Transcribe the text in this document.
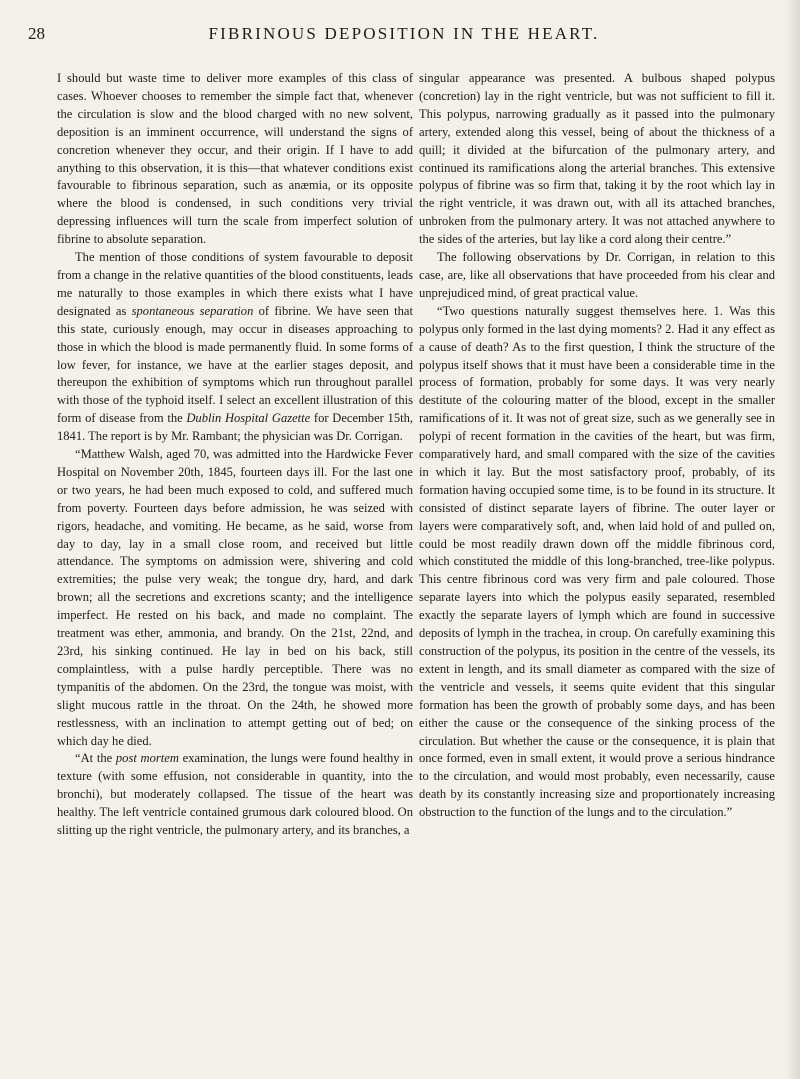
28	FIBRINOUS DEPOSITION IN THE HEART.

I should but waste time to deliver more examples of this class of cases. Whoever chooses to remember the simple fact that, whenever the circulation is slow and the blood charged with no new solvent, deposition is an imminent occurrence, will understand the signs of concretion whenever they occur, and their origin. If I have to add anything to this observation, it is this—that whatever conditions exist favourable to fibrinous separation, such as anæmia, or its opposite where the blood is condensed, in such conditions very trivial depressing influences will turn the scale from imperfect solution of fibrine to absolute separation.

The mention of those conditions of system favourable to deposit from a change in the relative quantities of the blood constituents, leads me naturally to those examples in which there exists what I have designated as spontaneous separation of fibrine. We have seen that this state, curiously enough, may occur in diseases approaching to those in which the blood is made permanently fluid. In some forms of low fever, for instance, we have at the earlier stages deposit, and thereupon the exhibition of symptoms which run throughout parallel with those of the typhoid itself. I select an excellent illustration of this form of disease from the Dublin Hospital Gazette for December 15th, 1841. The report is by Mr. Rambant; the physician was Dr. Corrigan.

“Matthew Walsh, aged 70, was admitted into the Hardwicke Fever Hospital on November 20th, 1845, fourteen days ill. For the last one or two years, he had been much exposed to cold, and suffered much from poverty. Fourteen days before admission, he was seized with rigors, headache, and vomiting. He became, as he said, worse from day to day, lay in a small close room, and received but little attendance. The symptoms on admission were, shivering and cold extremities; the pulse very weak; the tongue dry, hard, and dark brown; all the secretions and excretions scanty; and the intelligence imperfect. He rested on his back, and made no complaint. The treatment was ether, ammonia, and brandy. On the 21st, 22nd, and 23rd, his sinking continued. He lay in bed on his back, still complaintless, with a pulse hardly perceptible. There was no tympanitis of the abdomen. On the 23rd, the tongue was moist, with slight mucous rattle in the throat. On the 24th, he showed more restlessness, with an inclination to attempt getting out of bed; on which day he died.

“At the post mortem examination, the lungs were found healthy in texture (with some effusion, not considerable in quantity, into the bronchi), but moderately collapsed. The tissue of the heart was healthy. The left ventricle contained grumous dark coloured blood. On slitting up the right ventricle, the pulmonary artery, and its branches, a

singular appearance was presented. A bulbous shaped polypus (concretion) lay in the right ventricle, but was not sufficient to fill it. This polypus, narrowing gradually as it passed into the pulmonary artery, extended along this vessel, being of about the thickness of a quill; it divided at the bifurcation of the pulmonary artery, and continued its ramifications along the arterial branches. This extensive polypus of fibrine was so firm that, taking it by the root which lay in the right ventricle, it was drawn out, with all its attached branches, unbroken from the pulmonary artery. It was not attached anywhere to the sides of the arteries, but lay like a cord along their centre.”

The following observations by Dr. Corrigan, in relation to this case, are, like all observations that have proceeded from his clear and unprejudiced mind, of great practical value.

“Two questions naturally suggest themselves here. 1. Was this polypus only formed in the last dying moments? 2. Had it any effect as a cause of death? As to the first question, I think the structure of the polypus itself shows that it must have been a considerable time in the process of formation, probably for some days. It was very nearly destitute of the colouring matter of the blood, except in the smaller ramifications of it. It was not of great size, such as we generally see in polypi of recent formation in the cavities of the heart, but was firm, comparatively hard, and small compared with the size of the cavities in which it lay. But the most satisfactory proof, probably, of its formation having occupied some time, is to be found in its structure. It consisted of distinct separate layers of fibrine. The outer layer or layers were comparatively soft, and, when laid hold of and pulled on, could be most readily drawn down off the middle fibrinous cord, which constituted the middle of this long-branched, tree-like polypus. This centre fibrinous cord was very firm and pale coloured. Those separate layers into which the polypus easily separated, resembled exactly the separate layers of lymph which are found in successive deposits of lymph in the trachea, in croup. On carefully examining this construction of the polypus, its position in the centre of the vessels, its extent in length, and its small diameter as compared with the size of the ventricle and vessels, it seems quite evident that this singular formation has been the growth of probably some days, and has been either the cause or the consequence of the sinking process of the circulation. But whether the cause or the consequence, it is plain that once formed, even in small extent, it would prove a serious hindrance to the circulation, and would most probably, even necessarily, cause death by its constantly increasing size and proportionately increasing obstruction to the function of the lungs and to the circulation.”
